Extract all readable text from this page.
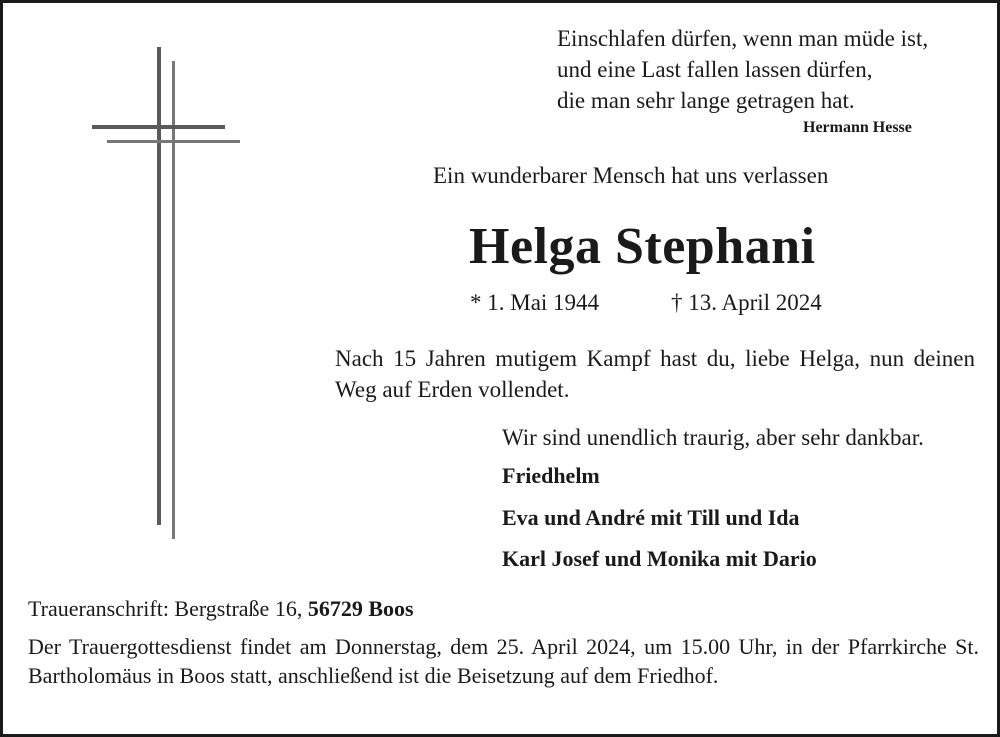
Einschlafen dürfen, wenn man müde ist,
und eine Last fallen lassen dürfen,
die man sehr lange getragen hat.
Hermann Hesse
Ein wunderbarer Mensch hat uns verlassen
Helga Stephani
* 1. Mai 1944	† 13. April 2024
Nach 15 Jahren mutigem Kampf hast du, liebe Helga, nun deinen Weg auf Erden vollendet.
Wir sind unendlich traurig, aber sehr dankbar.
Friedhelm
Eva und André mit Till und Ida
Karl Josef und Monika mit Dario
Traueranschrift: Bergstraße 16, 56729 Boos
Der Trauergottesdienst findet am Donnerstag, dem 25. April 2024, um 15.00 Uhr, in der Pfarrkirche St. Bartholomäus in Boos statt, anschließend ist die Beisetzung auf dem Friedhof.
